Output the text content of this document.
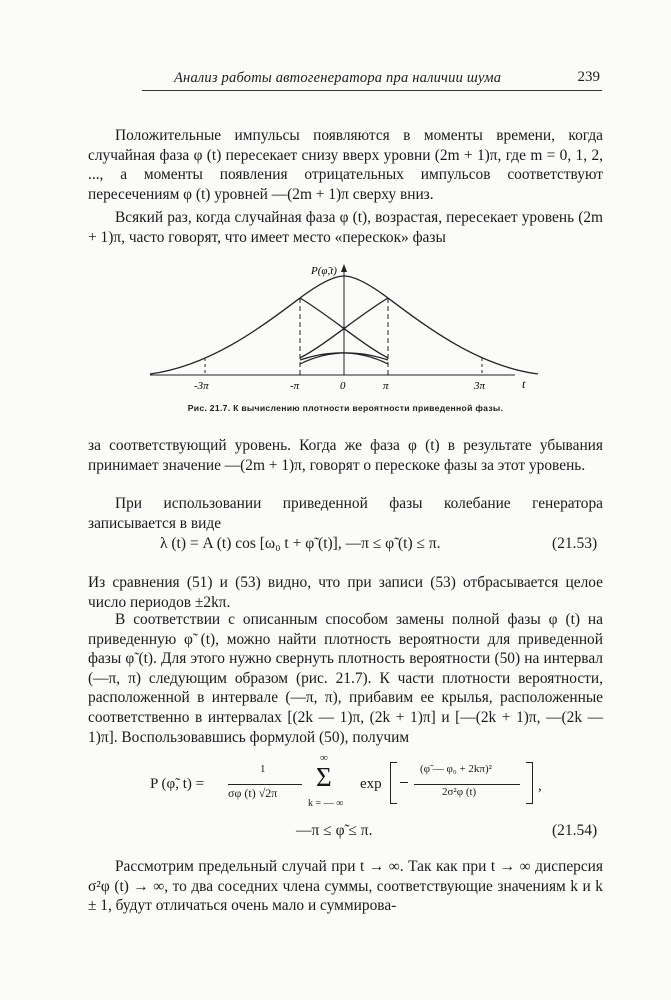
Анализ работы автогенератора пра наличии шума	239

Положительные импульсы появляются в моменты времени, когда случайная фаза φ (t) пересекает снизу вверх уровни (2m + 1)π, где m = 0, 1, 2, ..., а моменты появления отрицательных импульсов соответствуют пересечениям φ (t) уровней —(2m + 1)π сверху вниз.

Всякий раз, когда случайная фаза φ (t), возрастая, пересекает уровень (2m + 1)π, часто говорят, что имеет место «перескок» фазы

P(φ̃,t)
t
-3π	-π	0	π	3π
Рис. 21.7. К вычислению плотности вероятности приведенной фазы.

за соответствующий уровень. Когда же фаза φ (t) в результате убывания принимает значение —(2m + 1)π, говорят о перескоке фазы за этот уровень.

При использовании приведенной фазы колебание генератора записывается в виде

λ (t) = A (t) cos [ω₀ t + φ̃ (t)], —π ≤ φ̃ (t) ≤ π.	(21.53)

Из сравнения (51) и (53) видно, что при записи (53) отбрасывается целое число периодов ±2kπ.

В соответствии с описанным способом замены полной фазы φ (t) на приведенную φ̃ (t), можно найти плотность вероятности для приведенной фазы φ̃ (t). Для этого нужно свернуть плотность вероятности (50) на интервал (—π, π) следующим образом (рис. 21.7). К части плотности вероятности, расположенной в интервале (—π, π), прибавим ее крылья, расположенные соответственно в интервалах [(2k — 1)π, (2k + 1)π] и [—(2k + 1)π, —(2k — 1)π]. Воспользовавшись формулой (50), получим

P (φ̃, t) =
1
σφ (t) √2π
∞
Σ
k = — ∞
exp
(φ̃ — φ₀ + 2kπ)²
2σ²φ (t)	,
—π ≤ φ̃ ≤ π.	(21.54)

Рассмотрим предельный случай при t → ∞. Так как при t → ∞ дисперсия σ²φ (t) → ∞, то два соседних члена суммы, соответствующие значениям k и k ± 1, будут отличаться очень мало и суммирова-
